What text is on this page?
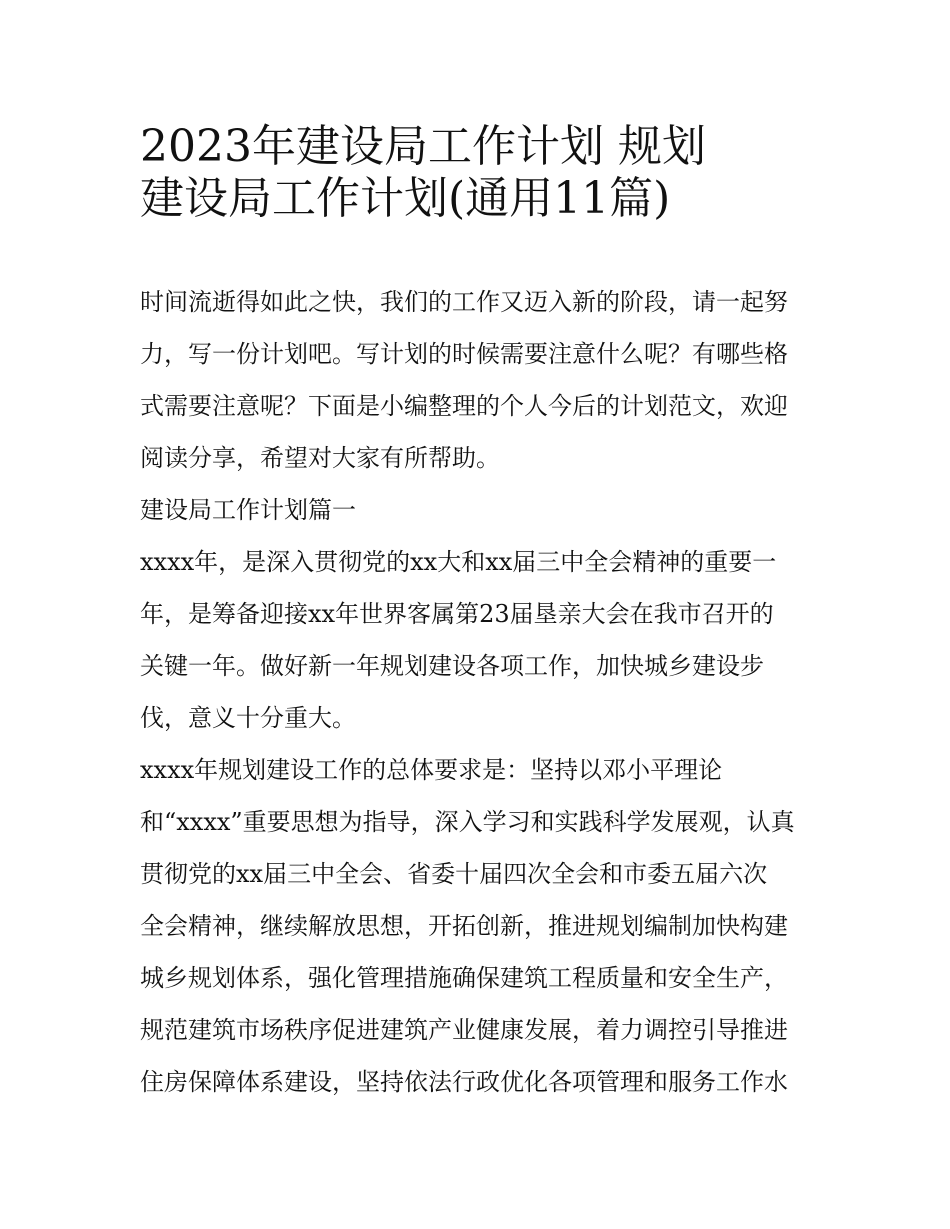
2023年建设局工作计划 规划
建设局工作计划(通用11篇)
时间流逝得如此之快，我们的工作又迈入新的阶段，请一起努
力，写一份计划吧。写计划的时候需要注意什么呢？有哪些格
式需要注意呢？下面是小编整理的个人今后的计划范文，欢迎
阅读分享，希望对大家有所帮助。
建设局工作计划篇一
xxxx年，是深入贯彻党的xx大和xx届三中全会精神的重要一
年，是筹备迎接xx年世界客属第23届垦亲大会在我市召开的
关键一年。做好新一年规划建设各项工作，加快城乡建设步
伐，意义十分重大。
xxxx年规划建设工作的总体要求是：坚持以邓小平理论
和“xxxx”重要思想为指导，深入学习和实践科学发展观，认真
贯彻党的xx届三中全会、省委十届四次全会和市委五届六次
全会精神，继续解放思想，开拓创新，推进规划编制加快构建
城乡规划体系，强化管理措施确保建筑工程质量和安全生产，
规范建筑市场秩序促进建筑产业健康发展，着力调控引导推进
住房保障体系建设，坚持依法行政优化各项管理和服务工作水
